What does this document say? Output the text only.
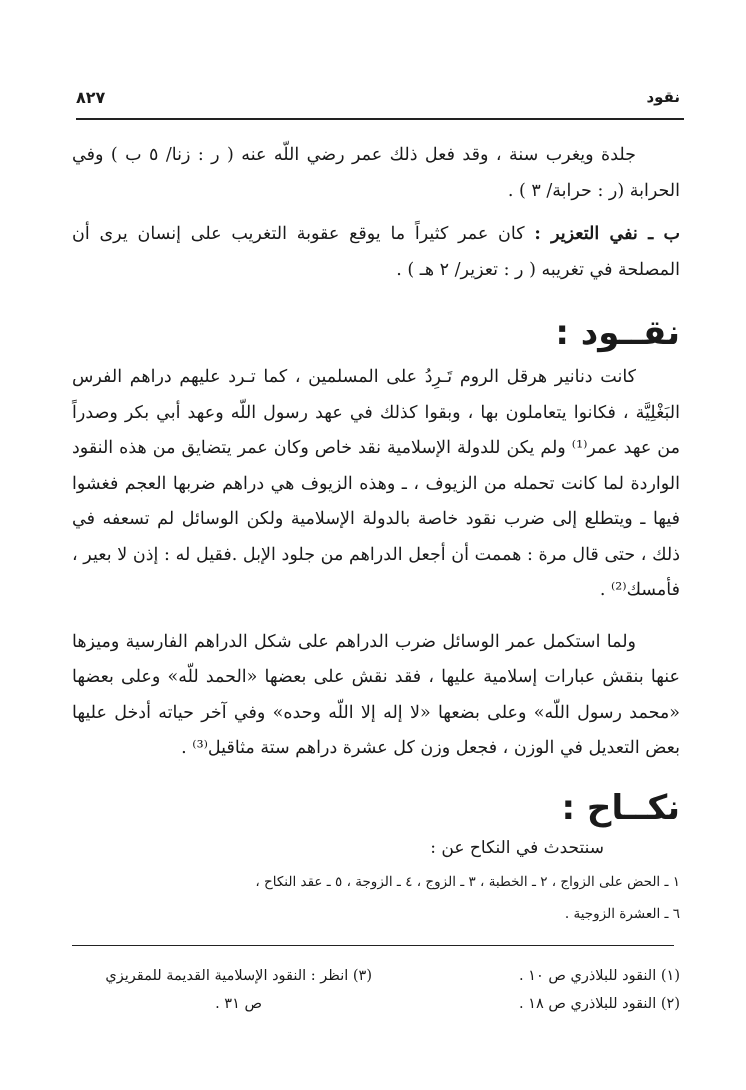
نقود
٨٢٧

جلدة ويغرب سنة ، وقد فعل ذلك عمر رضي اللّه عنه ( ر : زنا/ ٥ ب ) وفي الحرابة (ر : حرابة/ ٣ ) .

ب ـ نفي التعزير : كان عمر كثيراً ما يوقع عقوبة التغريب على إنسان يرى أن المصلحة في تغريبه ( ر : تعزير/ ٢ هـ ) .

نقــود :

كانت دنانير هرقل الروم تَـرِدُ على المسلمين ، كما تـرد عليهم دراهم الفرس البَغْلِيَّة ، فكانوا يتعاملون بها ، وبقوا كذلك في عهد رسول اللّه وعهد أبي بكر وصدراً من عهد عمر⁽¹⁾ ولم يكن للدولة الإسلامية نقد خاص وكان عمر يتضايق من هذه النقود الواردة لما كانت تحمله من الزيوف ، ـ وهذه الزيوف هي دراهم ضربها العجم فغشوا فيها ـ ويتطلع إلى ضرب نقود خاصة بالدولة الإسلامية ولكن الوسائل لم تسعفه في ذلك ، حتى قال مرة : هممت أن أجعل الدراهم من جلود الإبل .فقيل له : إذن لا بعير ، فأمسك⁽²⁾ .

ولما استكمل عمر الوسائل ضرب الدراهم على شكل الدراهم الفارسية وميزها عنها بنقش عبارات إسلامية عليها ، فقد نقش على بعضها «الحمد للّه» وعلى بعضها «محمد رسول اللّه» وعلى بضعها «لا إله إلا اللّه وحده» وفي آخر حياته أدخل عليها بعض التعديل في الوزن ، فجعل وزن كل عشرة دراهم ستة مثاقيل⁽³⁾ .

نكــاح :
سنتحدث في النكاح عن :
١ ـ الحض على الزواج ، ٢ ـ الخطبة ، ٣ ـ الزوج ، ٤ ـ الزوجة ، ٥ ـ عقد النكاح ،
٦ ـ العشرة الزوجية .
(١) النقود للبلاذري ص ١٠ .
(٢) النقود للبلاذري ص ١٨ .
(٣) انظر : النقود الإسلامية القديمة للمقريزي
ص ٣١ .
